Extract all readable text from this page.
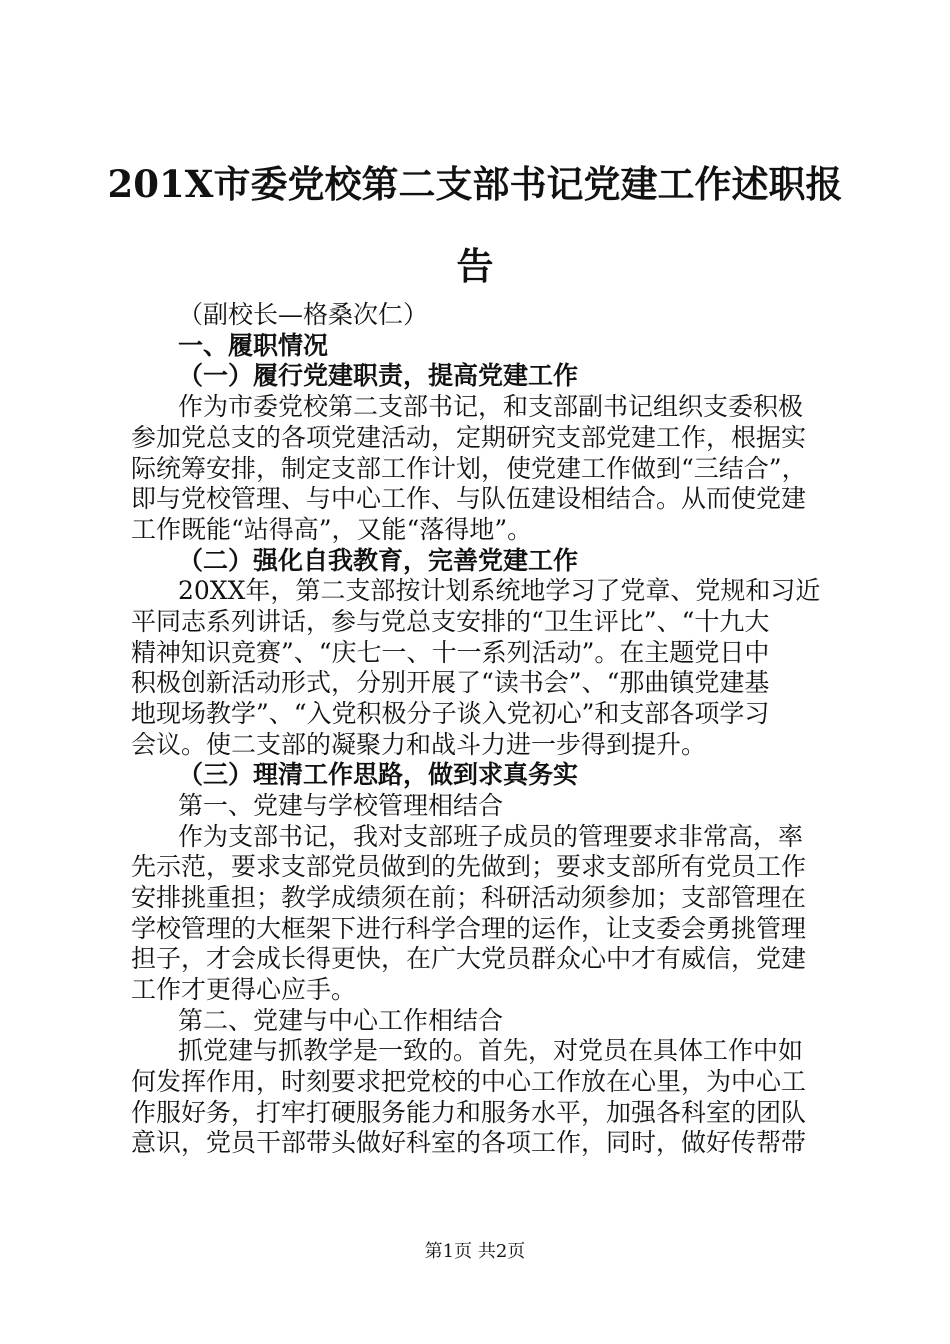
201X市委党校第二支部书记党建工作述职报
告

（副校长—格桑次仁）

一、履职情况

（一）履行党建职责，提高党建工作

作为市委党校第二支部书记，和支部副书记组织支委积极

参加党总支的各项党建活动，定期研究支部党建工作，根据实

际统筹安排，制定支部工作计划，使党建工作做到“三结合”，

即与党校管理、与中心工作、与队伍建设相结合。从而使党建

工作既能“站得高”，又能“落得地”。

（二）强化自我教育，完善党建工作

20XX年，第二支部按计划系统地学习了党章、党规和习近

平同志系列讲话，参与党总支安排的“卫生评比”、“十九大

精神知识竞赛”、“庆七一、十一系列活动”。在主题党日中

积极创新活动形式，分别开展了“读书会”、“那曲镇党建基

地现场教学”、“入党积极分子谈入党初心”和支部各项学习

会议。使二支部的凝聚力和战斗力进一步得到提升。

（三）理清工作思路，做到求真务实

第一、党建与学校管理相结合

作为支部书记，我对支部班子成员的管理要求非常高，率

先示范，要求支部党员做到的先做到；要求支部所有党员工作

安排挑重担；教学成绩须在前；科研活动须参加；支部管理在

学校管理的大框架下进行科学合理的运作，让支委会勇挑管理

担子，才会成长得更快，在广大党员群众心中才有威信，党建

工作才更得心应手。

第二、党建与中心工作相结合

抓党建与抓教学是一致的。首先，对党员在具体工作中如

何发挥作用，时刻要求把党校的中心工作放在心里，为中心工

作服好务，打牢打硬服务能力和服务水平，加强各科室的团队

意识，党员干部带头做好科室的各项工作，同时，做好传帮带

第1页 共2页
